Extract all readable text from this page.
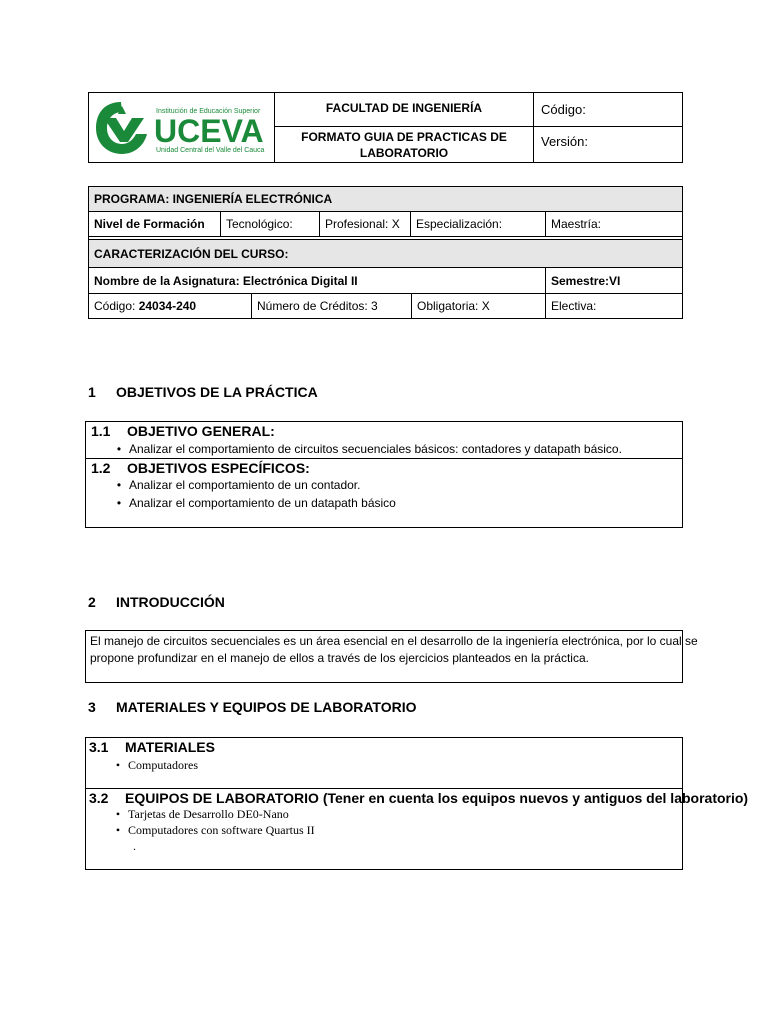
Institución de Educación Superior
UCEVA
Unidad Central del Valle del Cauca
FACULTAD DE INGENIERÍA
FORMATO GUIA DE PRACTICAS DE LABORATORIO
Código:
Versión:
PROGRAMA: INGENIERÍA ELECTRÓNICA
Nivel de Formación	Tecnológico:	Profesional: X	Especialización:	Maestría:
CARACTERIZACIÓN DEL CURSO:
Nombre de la Asignatura: Electrónica Digital II	Semestre:VI
Código: 24034-240	Número de Créditos: 3	Obligatoria: X	Electiva:
1 OBJETIVOS DE LA PRÁCTICA
1.1 OBJETIVO GENERAL:
• Analizar el comportamiento de circuitos secuenciales básicos: contadores y datapath básico.
1.2 OBJETIVOS ESPECÍFICOS:
• Analizar el comportamiento de un contador.
• Analizar el comportamiento de un datapath básico
2 INTRODUCCIÓN
El manejo de circuitos secuenciales es un área esencial en el desarrollo de la ingeniería electrónica, por lo cual se
propone profundizar en el manejo de ellos a través de los ejercicios planteados en la práctica.
3 MATERIALES Y EQUIPOS DE LABORATORIO
3.1 MATERIALES
• Computadores
3.2 EQUIPOS DE LABORATORIO (Tener en cuenta los equipos nuevos y antiguos del laboratorio)
• Tarjetas de Desarrollo DE0-Nano
• Computadores con software Quartus II
.
